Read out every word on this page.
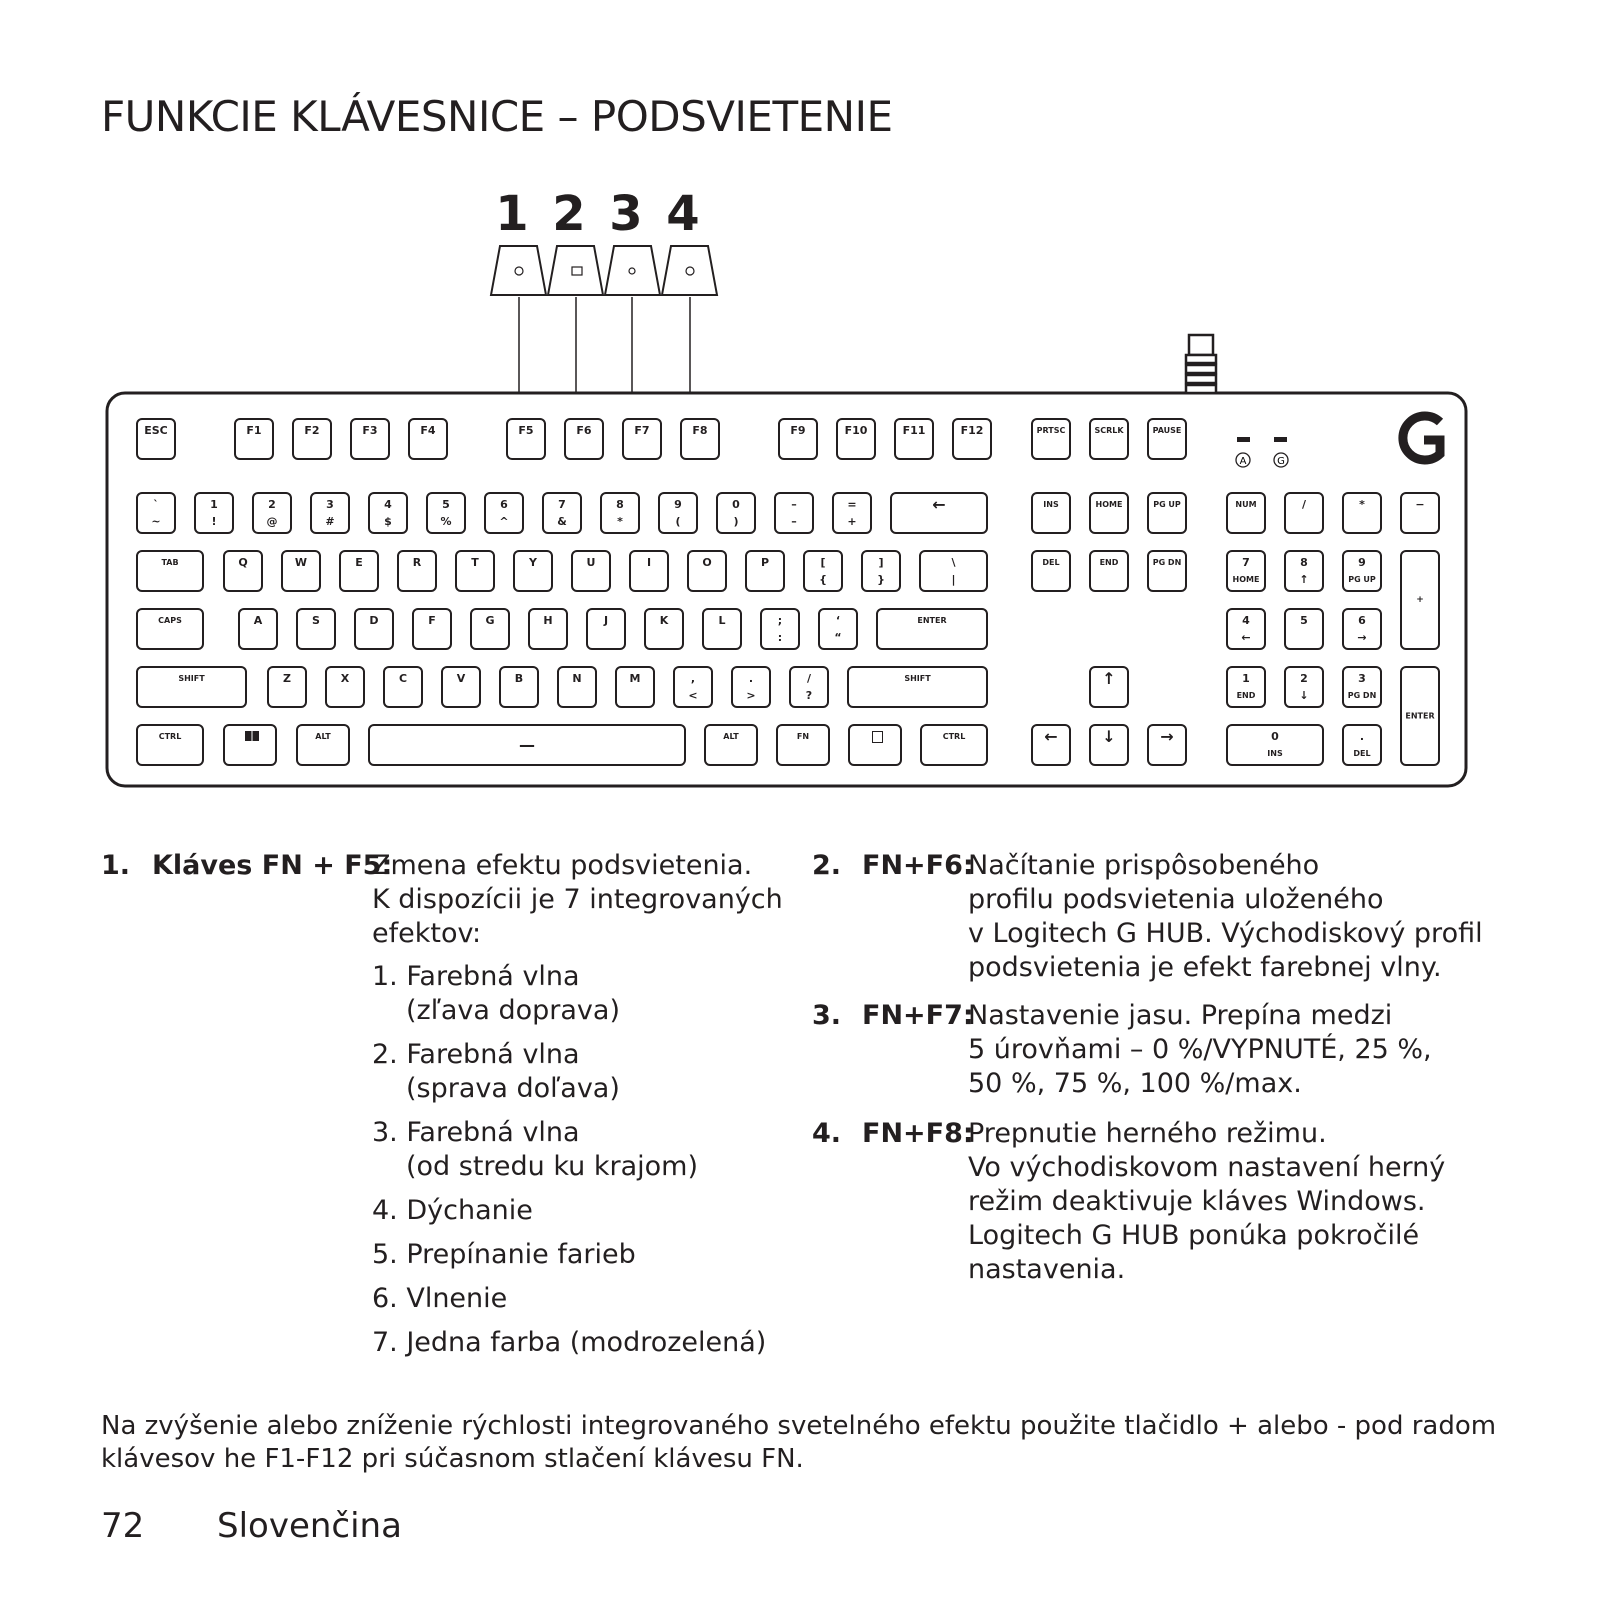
FUNKCIE KLÁVESNICE – PODSVIETENIE
1 2 3 4
A	G
ESC	F1	F2	F3	F4	F5	F6	F7	F8	F9	F10	F11	F12	PRTSC	SCRLK	PAUSE
`
~
1
!
2
@
3
#
4
$
5
%
6
^
7
&
8
*
9
(
0
)
–
–
=
+
←	INS	HOME	PG UP	NUM	/	*	−
TAB	Q	W	E	R	T	Y	U	I	O	P	[
{
]
}
\
|
DEL	END	PG DN	7
HOME
8
↑
9
PG UP
+
CAPS	A	S	D	F	G	H	J	K	L	;
:
‘
“
ENTER	4
←
5	6
→
SHIFT	Z	X	C	V	B	N	M	,
<
.
>
/
?
SHIFT	↑	1
END
2
↓
3
PG DN
ENTER
CTRL	ALT	—	ALT	FN	CTRL	←	↓	→	0
INS
.
DEL
1. Kláves FN + F5:
Zmena efektu podsvietenia.
K dispozícii je 7 integrovaných
efektov:
1. Farebná vlna
(zľava doprava)
2. Farebná vlna
(sprava doľava)
3. Farebná vlna
(od stredu ku krajom)
4. Dýchanie
5. Prepínanie farieb
6. Vlnenie
7. Jedna farba (modrozelená)
2. FN+F6:
Načítanie prispôsobeného
profilu podsvietenia uloženého
v Logitech G HUB. Východiskový profil
podsvietenia je efekt farebnej vlny.
3. FN+F7:
Nastavenie jasu. Prepína medzi
5 úrovňami – 0 %/VYPNUTÉ, 25 %,
50 %, 75 %, 100 %/max.
4. FN+F8:
Prepnutie herného režimu.
Vo východiskovom nastavení herný
režim deaktivuje kláves Windows.
Logitech G HUB ponúka pokročilé
nastavenia.
Na zvýšenie alebo zníženie rýchlosti integrovaného svetelného efektu použite tlačidlo + alebo - pod radom klávesov he F1-F12 pri súčasnom stlačení klávesu FN.
72 Slovenčina
